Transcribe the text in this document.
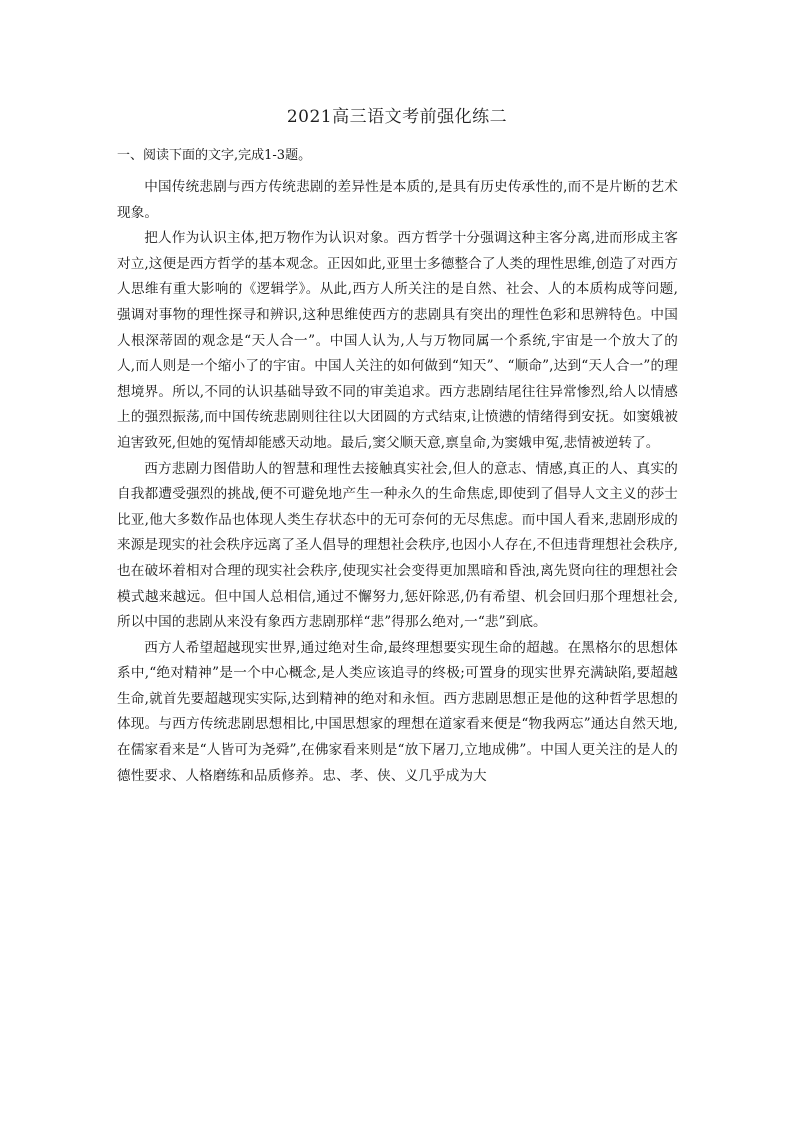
2021高三语文考前强化练二
一、阅读下面的文字,完成1-3题。

中国传统悲剧与西方传统悲剧的差异性是本质的,是具有历史传承性的,而不是片断的艺术现象。

把人作为认识主体,把万物作为认识对象。西方哲学十分强调这种主客分离,进而形成主客对立,这便是西方哲学的基本观念。正因如此,亚里士多德整合了人类的理性思维,创造了对西方人思维有重大影响的《逻辑学》。从此,西方人所关注的是自然、社会、人的本质构成等问题,强调对事物的理性探寻和辨识,这种思维使西方的悲剧具有突出的理性色彩和思辨特色。中国人根深蒂固的观念是“天人合一”。中国人认为,人与万物同属一个系统,宇宙是一个放大了的人,而人则是一个缩小了的宇宙。中国人关注的如何做到“知天”、“顺命”,达到“天人合一”的理想境界。所以,不同的认识基础导致不同的审美追求。西方悲剧结尾往往异常惨烈,给人以情感上的强烈振荡,而中国传统悲剧则往往以大团圆的方式结束,让愤懑的情绪得到安抚。如窦娥被迫害致死,但她的冤情却能感天动地。最后,窦父顺天意,禀皇命,为窦娥申冤,悲情被逆转了。

西方悲剧力图借助人的智慧和理性去接触真实社会,但人的意志、情感,真正的人、真实的自我都遭受强烈的挑战,便不可避免地产生一种永久的生命焦虑,即使到了倡导人文主义的莎士比亚,他大多数作品也体现人类生存状态中的无可奈何的无尽焦虑。而中国人看来,悲剧形成的来源是现实的社会秩序远离了圣人倡导的理想社会秩序,也因小人存在,不但违背理想社会秩序,也在破坏着相对合理的现实社会秩序,使现实社会变得更加黑暗和昏浊,离先贤向往的理想社会模式越来越远。但中国人总相信,通过不懈努力,惩奸除恶,仍有希望、机会回归那个理想社会,所以中国的悲剧从来没有象西方悲剧那样“悲”得那么绝对,一“悲”到底。

西方人希望超越现实世界,通过绝对生命,最终理想要实现生命的超越。在黑格尔的思想体系中,“绝对精神”是一个中心概念,是人类应该追寻的终极;可置身的现实世界充满缺陷,要超越生命,就首先要超越现实实际,达到精神的绝对和永恒。西方悲剧思想正是他的这种哲学思想的体现。与西方传统悲剧思想相比,中国思想家的理想在道家看来便是“物我两忘”通达自然天地,在儒家看来是“人皆可为尧舜”,在佛家看来则是“放下屠刀,立地成佛”。中国人更关注的是人的德性要求、人格磨练和品质修养。忠、孝、侠、义几乎成为大
